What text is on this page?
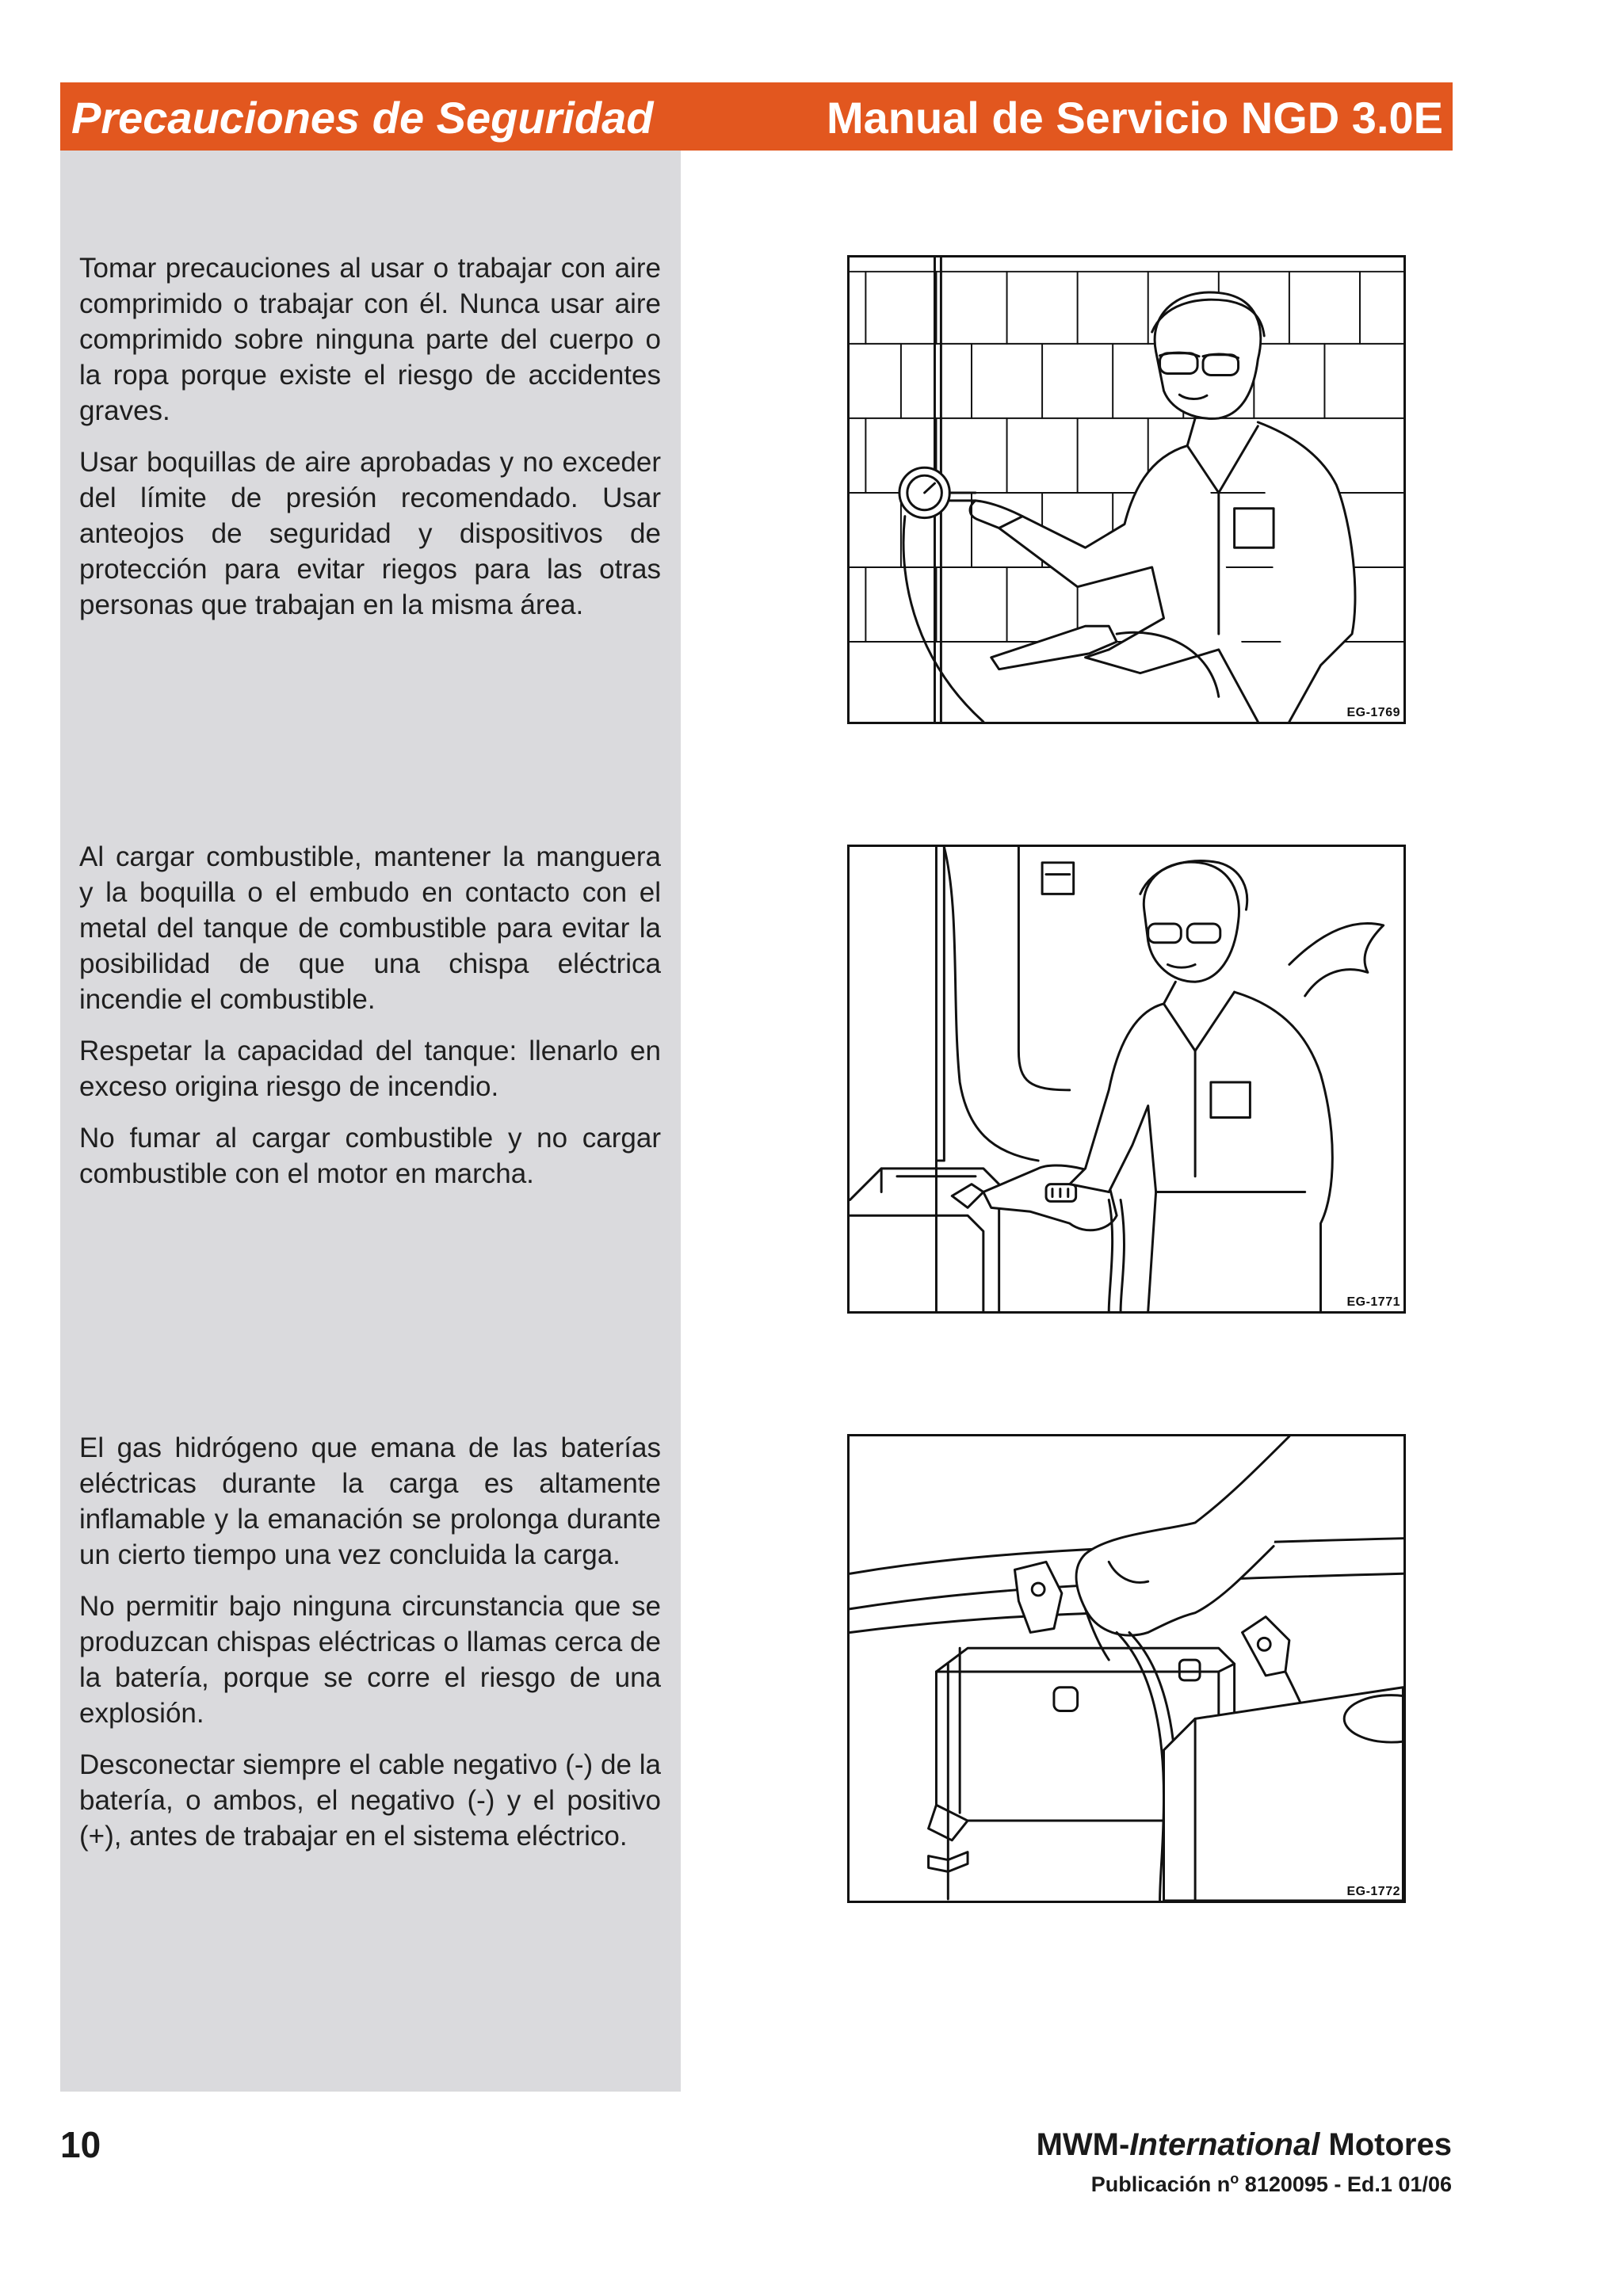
Precauciones de Seguridad	Manual de Servicio NGD 3.0E

Tomar precauciones al usar o trabajar con aire comprimido o trabajar con él. Nunca usar aire comprimido sobre ninguna parte del cuerpo o la ropa porque existe el riesgo de accidentes graves.

Usar boquillas de aire aprobadas y no exceder del límite de presión recomendado. Usar anteojos de seguridad y dispositivos de protección para evitar riegos para las otras personas que trabajan en la misma área.

EG-1769

Al cargar combustible, mantener la manguera y la boquilla o el embudo en contacto con el metal del tanque de combustible para evitar la posibilidad de que una chispa eléctrica incendie el combustible.

Respetar la capacidad del tanque: llenarlo en exceso origina riesgo de incendio.

No fumar al cargar combustible y no cargar combustible con el motor en marcha.

EG-1771

El gas hidrógeno que emana de las baterías eléctricas durante la carga es altamente inflamable y la emanación se prolonga durante un cierto tiempo una vez concluida la carga.

No permitir bajo ninguna circunstancia que se produzcan chispas eléctricas o llamas cerca de la batería, porque se corre el riesgo de una explosión.

Desconectar siempre el cable negativo (-) de la batería, o ambos, el negativo (-) y el positivo (+), antes de trabajar en el sistema eléctrico.

EG-1772
10	MWM-International Motores
Publicación $n^o$ 8120095 - Ed.1 01/06
